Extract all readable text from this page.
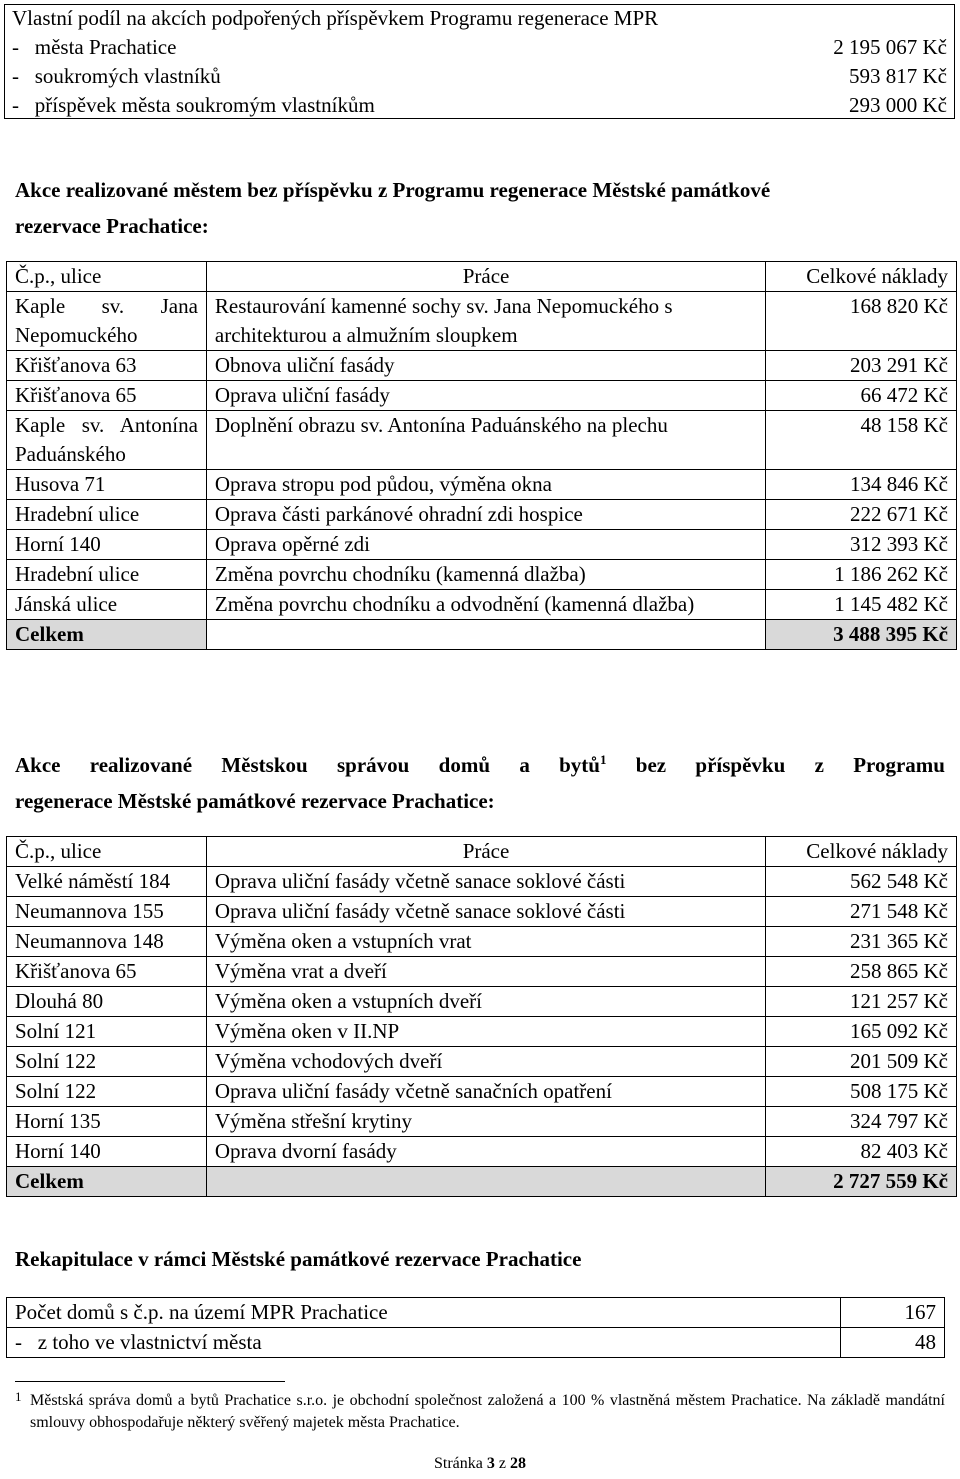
Vlastní podíl na akcích podpořených příspěvkem Programu regenerace MPR	
-   města Prachatice	2 195 067 Kč
-   soukromých vlastníků	593 817 Kč
-   příspěvek města soukromým vlastníkům	293 000 Kč

Akce realizované městem bez příspěvku z Programu regenerace Městské památkové
rezervace Prachatice:

Č.p., ulice	Práce	Celkové náklady
Kaple sv. Jana Nepomuckého	Restaurování kamenné sochy sv. Jana Nepomuckého s architekturou a almužním sloupkem	168 820 Kč
Křišťanova 63	Obnova uliční fasády	203 291 Kč
Křišťanova 65	Oprava uliční fasády	66 472 Kč
Kaple sv. Antonína Paduánského	Doplnění obrazu sv. Antonína Paduánského na plechu	48 158 Kč
Husova 71	Oprava stropu pod půdou, výměna okna	134 846 Kč
Hradební ulice	Oprava části parkánové ohradní zdi hospice	222 671 Kč
Horní 140	Oprava opěrné zdi	312 393 Kč
Hradební ulice	Změna povrchu chodníku (kamenná dlažba)	1 186 262 Kč
Jánská ulice	Změna povrchu chodníku a odvodnění (kamenná dlažba)	1 145 482 Kč
Celkem		3 488 395 Kč

Akce realizované Městskou správou domů a bytů$^1$ bez příspěvku z Programu
regenerace Městské památkové rezervace Prachatice:

Č.p., ulice	Práce	Celkové náklady
Velké náměstí 184	Oprava uliční fasády včetně sanace soklové části	562 548 Kč
Neumannova 155	Oprava uliční fasády včetně sanace soklové části	271 548 Kč
Neumannova 148	Výměna oken a vstupních vrat	231 365 Kč
Křišťanova 65	Výměna vrat a dveří	258 865 Kč
Dlouhá 80	Výměna oken a vstupních dveří	121 257 Kč
Solní 121	Výměna oken v II.NP	165 092 Kč
Solní 122	Výměna vchodových dveří	201 509 Kč
Solní 122	Oprava uliční fasády včetně sanačních opatření	508 175 Kč
Horní 135	Výměna střešní krytiny	324 797 Kč
Horní 140	Oprava dvorní fasády	82 403 Kč
Celkem		2 727 559 Kč

Rekapitulace v rámci Městské památkové rezervace Prachatice

Počet domů s č.p. na území MPR Prachatice	167
-   z toho ve vlastnictví města	48
1 Městská správa domů a bytů Prachatice s.r.o. je obchodní společnost založená a 100 % vlastněná městem Prachatice. Na základě mandátní smlouvy obhospodařuje některý svěřený majetek města Prachatice.
Stránka 3 z 28
